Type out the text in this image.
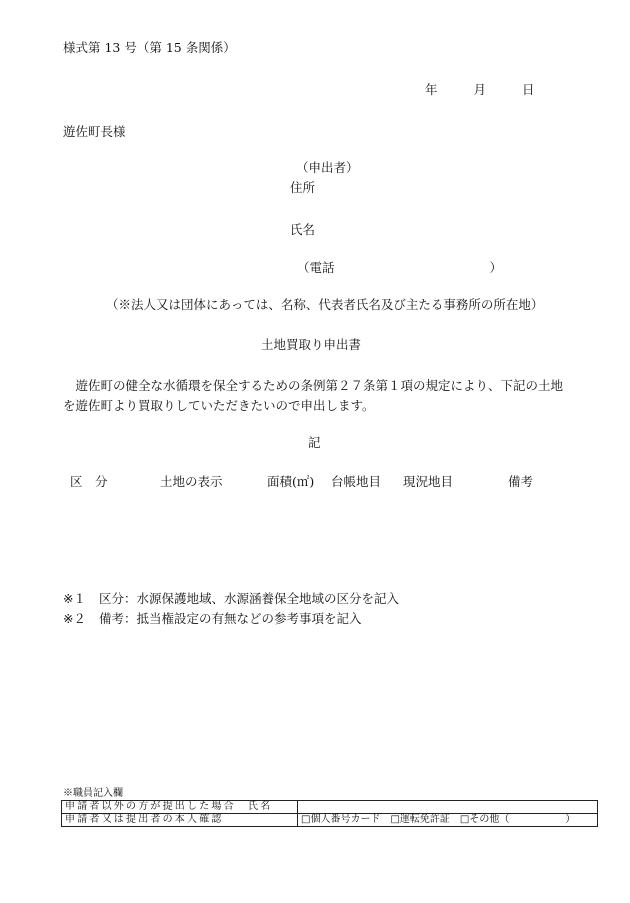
様式第 13 号（第 15 条関係）
年	月	日
遊佐町長様
（申出者）
住所
氏名
（電話	）
（※法人又は団体にあっては、名称、代表者氏名及び主たる事務所の所在地）
土地買取り申出書
遊佐町の健全な水循環を保全するための条例第２７条第１項の規定により、下記の土地を遊佐町より買取りしていただきたいので申出します。
記
区　分	土地の表示	面積(㎡) 台帳地目 現況地目	備考
※１ 区分：水源保護地域、水源涵養保全地域の区分を記入
※２ 備考：抵当権設定の有無などの参考事項を記入
※職員記入欄
申請者以外の方が提出した場合　氏名	
申請者又は提出者の本人確認	□個人番号カード □運転免許証 □その他（ ）
